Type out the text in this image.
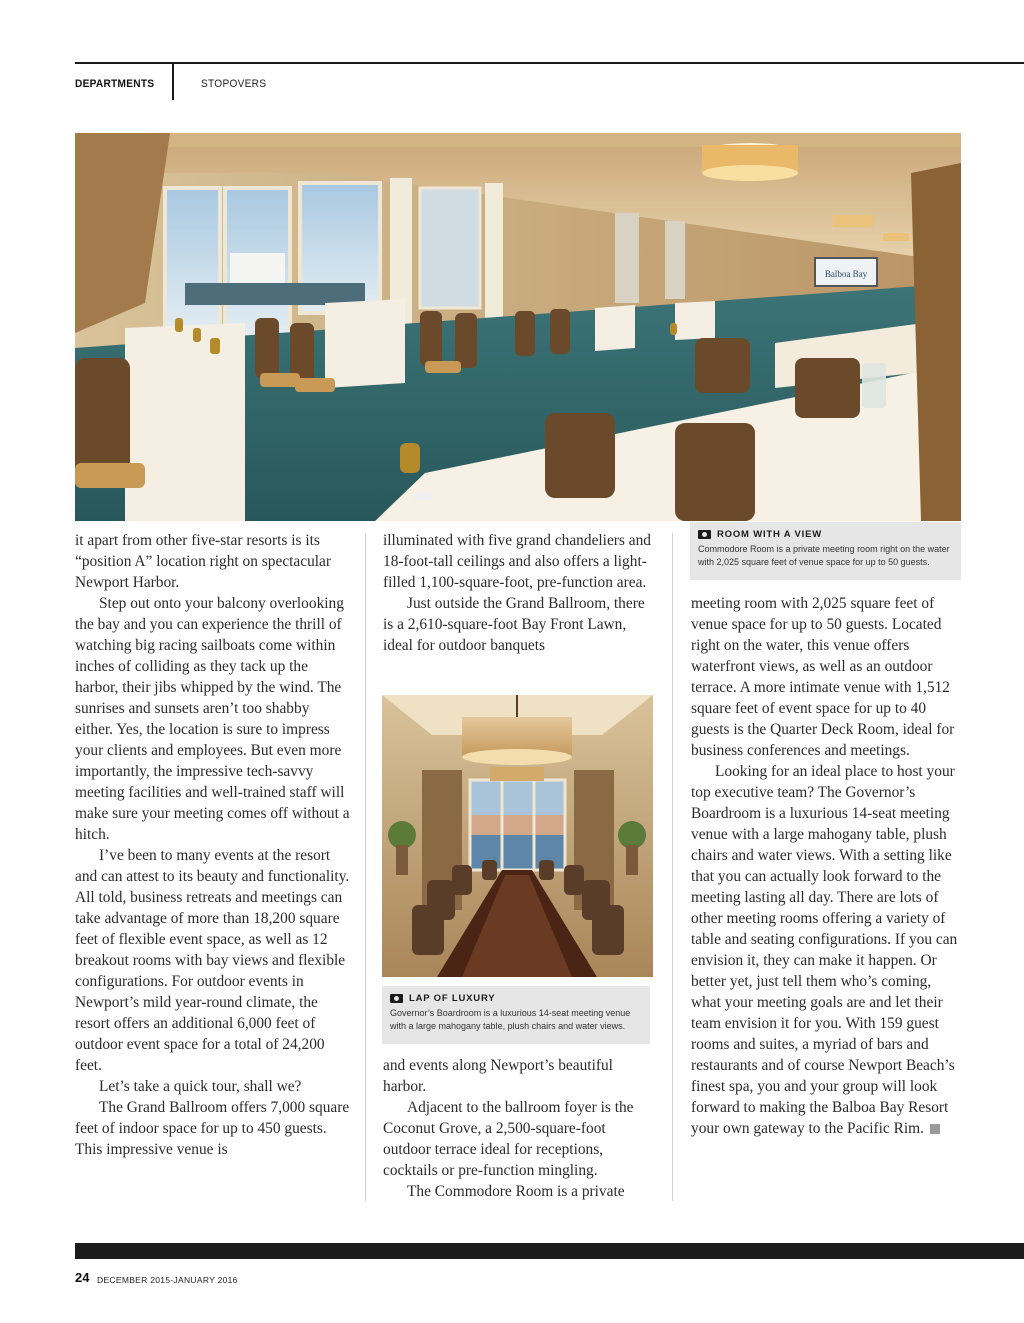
DEPARTMENTS	STOPOVERS
Balboa Bay

it apart from other five-star resorts is its “position A” location right on spectacular Newport Harbor.

Step out onto your balcony overlooking the bay and you can experience the thrill of watching big racing sailboats come within inches of colliding as they tack up the harbor, their jibs whipped by the wind. The sunrises and sunsets aren’t too shabby either. Yes, the location is sure to impress your clients and employees. But even more importantly, the impressive tech-savvy meeting facilities and well-trained staff will make sure your meeting comes off without a hitch.

I’ve been to many events at the resort and can attest to its beauty and functionality. All told, business retreats and meetings can take advantage of more than 18,200 square feet of flexible event space, as well as 12 breakout rooms with bay views and flexible configurations. For outdoor events in Newport’s mild year-round climate, the resort offers an additional 6,000 feet of outdoor event space for a total of 24,200 feet.

Let’s take a quick tour, shall we?

The Grand Ballroom offers 7,000 square feet of indoor space for up to 450 guests. This impressive venue is

illuminated with five grand chandeliers and 18-foot-tall ceilings and also offers a light-filled 1,100-square-foot, pre-function area.

Just outside the Grand Ballroom, there is a 2,610-square-foot Bay Front Lawn, ideal for outdoor banquets

LAP OF LUXURY
Governor’s Boardroom is a luxurious 14-seat meeting venue with a large mahogany table, plush chairs and water views.

and events along Newport’s beautiful harbor.

Adjacent to the ballroom foyer is the Coconut Grove, a 2,500-square-foot outdoor terrace ideal for receptions, cocktails or pre-function mingling.

The Commodore Room is a private

ROOM WITH A VIEW
Commodore Room is a private meeting room right on the water with 2,025 square feet of venue space for up to 50 guests.

meeting room with 2,025 square feet of venue space for up to 50 guests. Located right on the water, this venue offers waterfront views, as well as an outdoor terrace. A more intimate venue with 1,512 square feet of event space for up to 40 guests is the Quarter Deck Room, ideal for business conferences and meetings.

Looking for an ideal place to host your top executive team? The Governor’s Boardroom is a luxurious 14-seat meeting venue with a large mahogany table, plush chairs and water views. With a setting like that you can actually look forward to the meeting lasting all day. There are lots of other meeting rooms offering a variety of table and seating configurations. If you can envision it, they can make it happen. Or better yet, just tell them who’s coming, what your meeting goals are and let their team envision it for you. With 159 guest rooms and suites, a myriad of bars and restaurants and of course Newport Beach’s finest spa, you and your group will look forward to making the Balboa Bay Resort your own gateway to the Pacific Rim.

24 DECEMBER 2015-JANUARY 2016
